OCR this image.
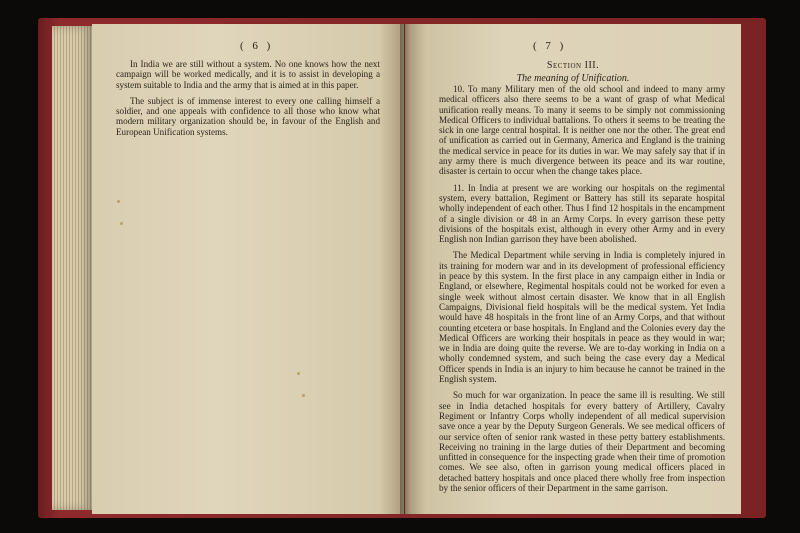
( 6 )

In India we are still without a system. No one knows how the next campaign will be worked medically, and it is to assist in developing a system suitable to India and the army that is aimed at in this paper.

The subject is of immense interest to every one calling himself a soldier, and one appeals with confidence to all those who know what modern military organization should be, in favour of the English and European Unification systems.

( 7 )
Section III.
The meaning of Unification.

10. To many Military men of the old school and indeed to many army medical officers also there seems to be a want of grasp of what Medical unification really means. To many it seems to be simply not commissioning Medical Officers to individual battalions. To others it seems to be treating the sick in one large central hospital. It is neither one nor the other. The great end of unification as carried out in Germany, America and England is the training the medical service in peace for its duties in war. We may safely say that if in any army there is much divergence between its peace and its war routine, disaster is certain to occur when the change takes place.

11. In India at present we are working our hospitals on the regimental system, every battalion, Regiment or Battery has still its separate hospital wholly independent of each other. Thus I find 12 hospitals in the encampment of a single division or 48 in an Army Corps. In every garrison these petty divisions of the hospitals exist, although in every other Army and in every English non Indian garrison they have been abolished.

The Medical Department while serving in India is completely injured in its training for modern war and in its development of professional efficiency in peace by this system. In the first place in any campaign either in India or England, or elsewhere, Regimental hospitals could not be worked for even a single week without almost certain disaster. We know that in all English Campaigns, Divisional field hospitals will be the medical system. Yet India would have 48 hospitals in the front line of an Army Corps, and that without counting etcetera or base hospitals. In England and the Colonies every day the Medical Officers are working their hospitals in peace as they would in war; we in India are doing quite the reverse. We are to-day working in India on a wholly condemned system, and such being the case every day a Medical Officer spends in India is an injury to him because he cannot be trained in the English system.

So much for war organization. In peace the same ill is resulting. We still see in India detached hospitals for every battery of Artillery, Cavalry Regiment or Infantry Corps wholly independent of all medical supervision save once a year by the Deputy Surgeon Generals. We see medical officers of our service often of senior rank wasted in these petty battery establishments. Receiving no training in the large duties of their Department and becoming unfitted in consequence for the inspecting grade when their time of promotion comes. We see also, often in garrison young medical officers placed in detached battery hospitals and once placed there wholly free from inspection by the senior officers of their Department in the same garrison.
